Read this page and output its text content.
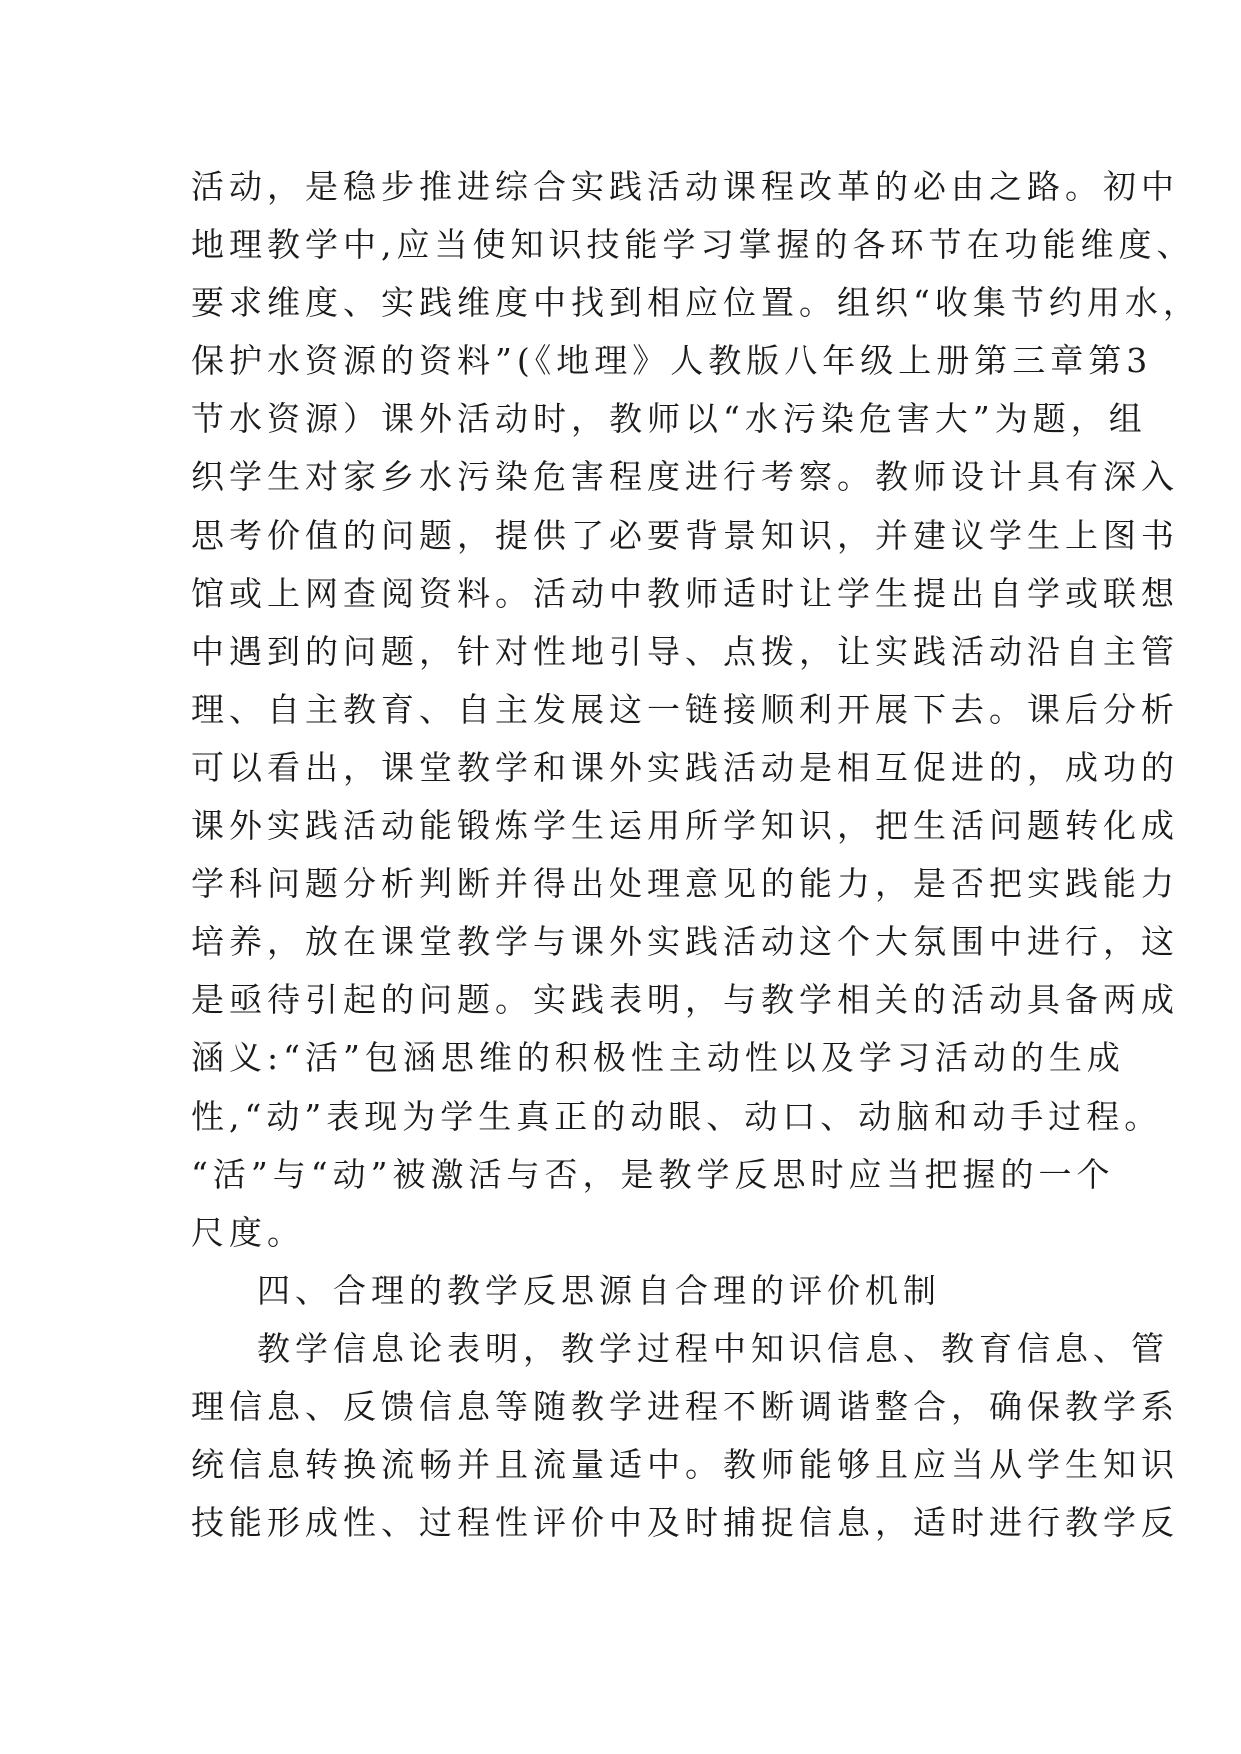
活动，是稳步推进综合实践活动课程改革的必由之路。初中
地理教学中,应当使知识技能学习掌握的各环节在功能维度、
要求维度、实践维度中找到相应位置。组织“收集节约用水，
保护水资源的资料”(《地理》人教版八年级上册第三章第3
节水资源）课外活动时，教师以“水污染危害大”为题，组
织学生对家乡水污染危害程度进行考察。教师设计具有深入
思考价值的问题，提供了必要背景知识，并建议学生上图书
馆或上网查阅资料。活动中教师适时让学生提出自学或联想
中遇到的问题，针对性地引导、点拨，让实践活动沿自主管
理、自主教育、自主发展这一链接顺利开展下去。课后分析
可以看出，课堂教学和课外实践活动是相互促进的，成功的
课外实践活动能锻炼学生运用所学知识，把生活问题转化成
学科问题分析判断并得出处理意见的能力，是否把实践能力
培养，放在课堂教学与课外实践活动这个大氛围中进行，这
是亟待引起的问题。实践表明，与教学相关的活动具备两成
涵义:“活”包涵思维的积极性主动性以及学习活动的生成
性,“动”表现为学生真正的动眼、动口、动脑和动手过程。
“活”与“动”被激活与否，是教学反思时应当把握的一个
尺度。
四、合理的教学反思源自合理的评价机制
教学信息论表明，教学过程中知识信息、教育信息、管
理信息、反馈信息等随教学进程不断调谐整合，确保教学系
统信息转换流畅并且流量适中。教师能够且应当从学生知识
技能形成性、过程性评价中及时捕捉信息，适时进行教学反
